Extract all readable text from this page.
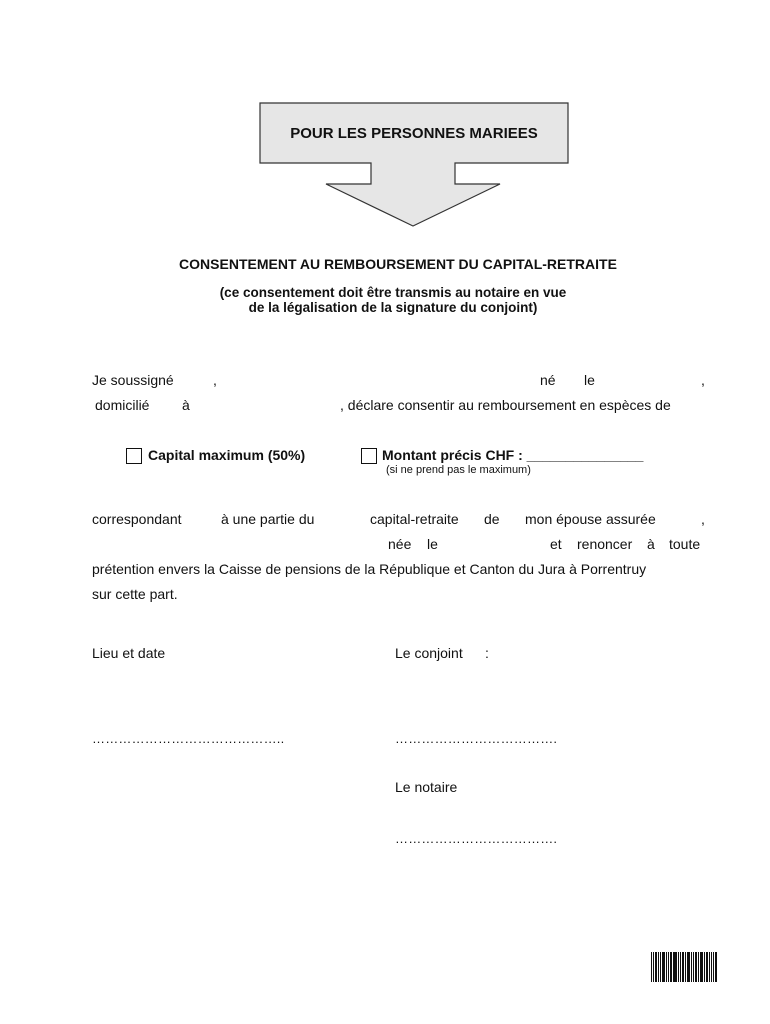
POUR LES PERSONNES MARIEES
CONSENTEMENT AU REMBOURSEMENT DU CAPITAL-RETRAITE
(ce consentement doit être transmis au notaire en vue
de la légalisation de la signature du conjoint)
Je soussigné	,	né le	,
domicilié à	, déclare consentir au remboursement en espèces de
Capital maximum (50%)	Montant précis CHF : _______________
(si ne prend pas le maximum)
correspondant	à une partie du	capital-retraite de mon épouse assurée	,
née le	et renoncer à toute
prétention envers la Caisse de pensions de la République et Canton du Jura à Porrentruy
sur cette part.
Lieu et date	Le conjoint :
……………………………………..	……………………………….
Le notaire
……………………………….
